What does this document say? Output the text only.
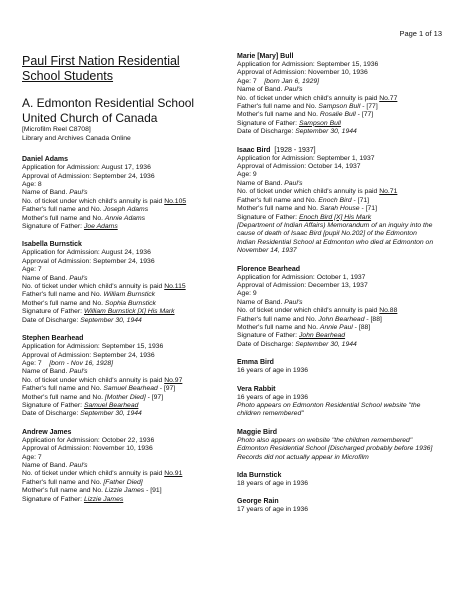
Page 1 of 13
Paul First Nation Residential
School Students
A. Edmonton Residential School
United Church of Canada
[Microfilm Reel C8708]
Library and Archives Canada Online
Daniel Adams
Application for Admission: August 17, 1936
Approval of Admission: September 24, 1936
Age: 8
Name of Band. Paul's
No. of ticket under which child's annuity is paid No.105
Father's full name and No. Joseph Adams
Mother's full name and No. Annie Adams
Signature of Father: Joe Adams
Isabella Burnstick
Application for Admission: August 24, 1936
Approval of Admission: September 24, 1936
Age: 7
Name of Band. Paul's
No. of ticket under which child's annuity is paid No.115
Father's full name and No. William Burnstick
Mother's full name and No. Sophia Burnstick
Signature of Father: William Burnstick [X] His Mark
Date of Discharge: September 30, 1944
Stephen Bearhead
Application for Admission: September 15, 1936
Approval of Admission: September 24, 1936
Age: 7 [born - Nov 16, 1928]
Name of Band. Paul's
No. of ticket under which child's annuity is paid No.97
Father's full name and No. Samuel Bearhead - [97]
Mother's full name and No. [Mother Died] - [97]
Signature of Father: Samuel Bearhead
Date of Discharge: September 30, 1944
Andrew James
Application for Admission: October 22, 1936
Approval of Admission: November 10, 1936
Age: 7
Name of Band. Paul's
No. of ticket under which child's annuity is paid No.91
Father's full name and No. [Father Died]
Mother's full name and No. Lizzie James - [91]
Signature of Father: Lizzie James
Marie [Mary] Bull
Application for Admission: September 15, 1936
Approval of Admission: November 10, 1936
Age: 7 [born Jan 6, 1929]
Name of Band. Paul's
No. of ticket under which child's annuity is paid No.77
Father's full name and No. Sampson Bull - [77]
Mother's full name and No. Rosalie Bull - [77]
Signature of Father: Sampson Bull
Date of Discharge: September 30, 1944
Isaac Bird [1928 - 1937]
Application for Admission: September 1, 1937
Approval of Admission: October 14, 1937
Age: 9
Name of Band. Paul's
No. of ticket under which child's annuity is paid No.71
Father's full name and No. Enoch Bird - [71]
Mother's full name and No. Sarah House - [71]
Signature of Father: Enoch Bird [X] His Mark
[Department of Indian Affairs) Memorandum of an inquiry into the cause of death of Isaac Bird [pupil No.202] of the Edmonton Indian Residential School at Edmonton who died at Edmonton on November 14, 1937
Florence Bearhead
Application for Admission: October 1, 1937
Approval of Admission: December 13, 1937
Age: 9
Name of Band. Paul's
No. of ticket under which child's annuity is paid No.88
Father's full name and No. John Bearhead - [88]
Mother's full name and No. Annie Paul - [88]
Signature of Father: John Bearhead
Date of Discharge: September 30, 1944
Emma Bird
16 years of age in 1936
Vera Rabbit
16 years of age in 1936
Photo appears on Edmonton Residential School website "the children remembered"
Maggie Bird
Photo also appears on website "the children remembered" Edmonton Residential School [Discharged probably before 1936] Records did not actually appear in Microfilm
Ida Burnstick
18 years of age in 1936
George Rain
17 years of age in 1936
